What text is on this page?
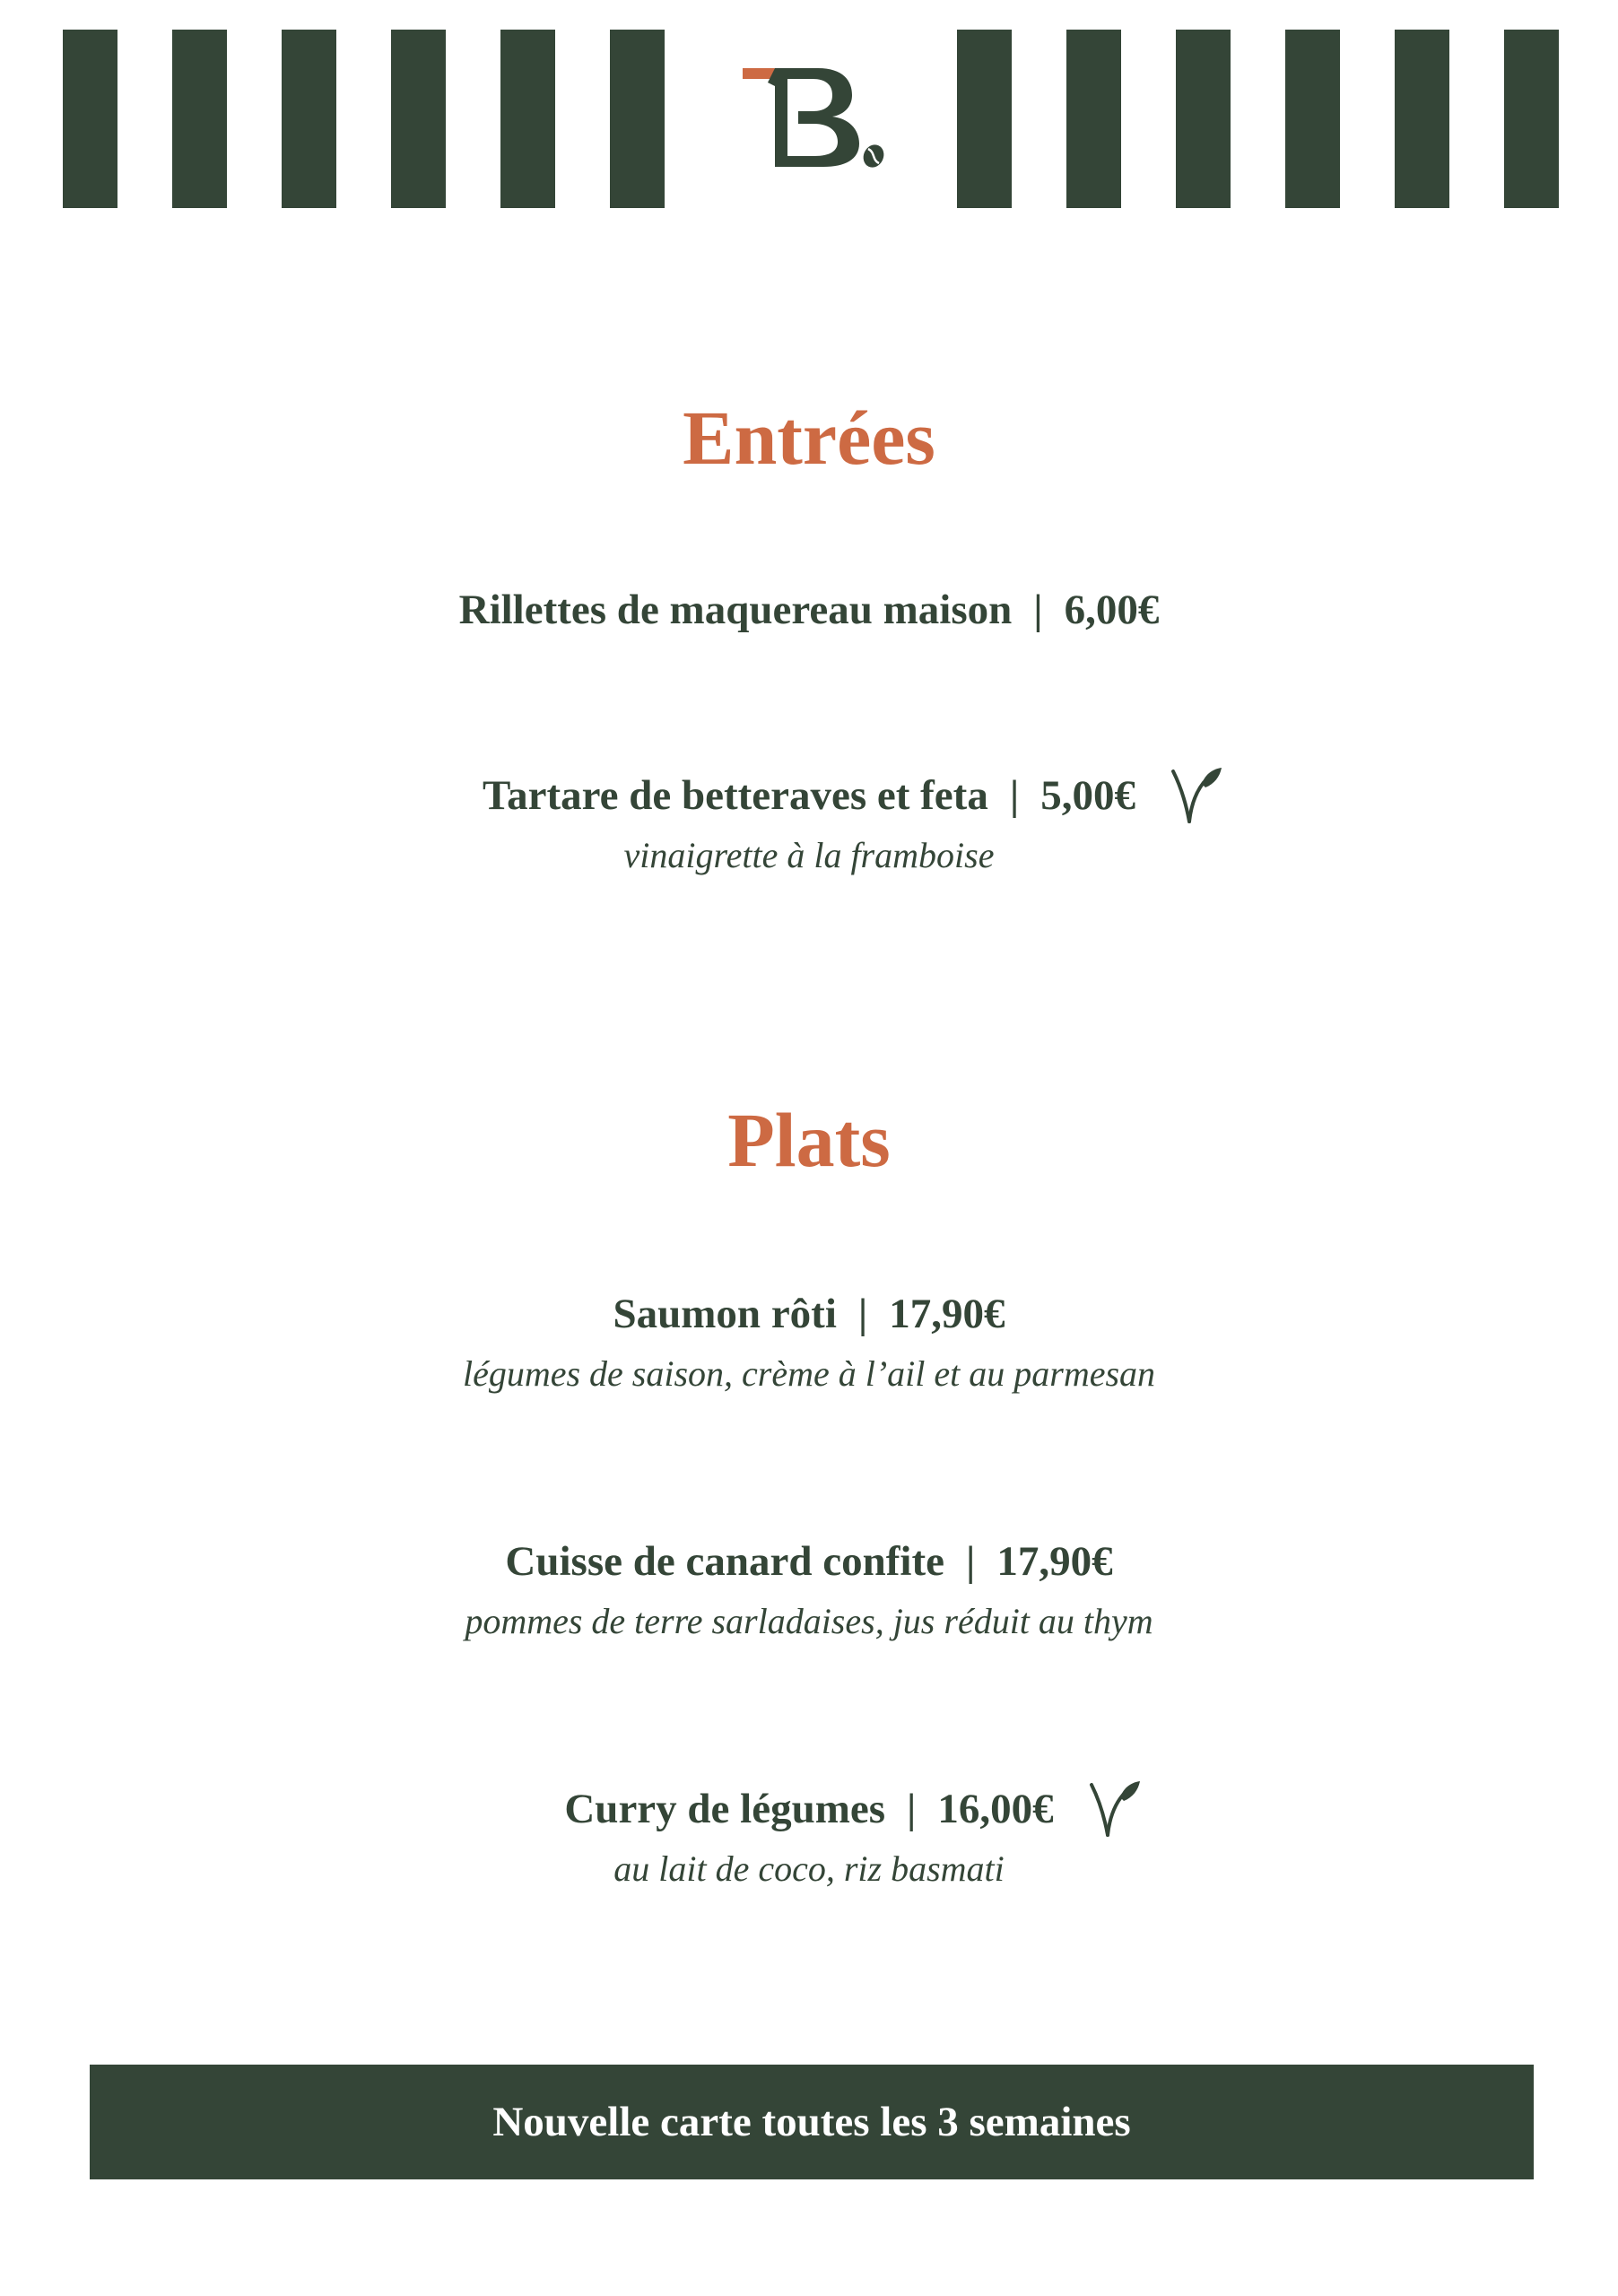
Entrées
Rillettes de maquereau maison | 6,00€
Tartare de betteraves et feta | 5,00€
vinaigrette à la framboise
Plats
Saumon rôti | 17,90€
légumes de saison, crème à l’ail et au parmesan
Cuisse de canard confite | 17,90€
pommes de terre sarladaises, jus réduit au thym
Curry de légumes | 16,00€
au lait de coco, riz basmati
Nouvelle carte toutes les 3 semaines
